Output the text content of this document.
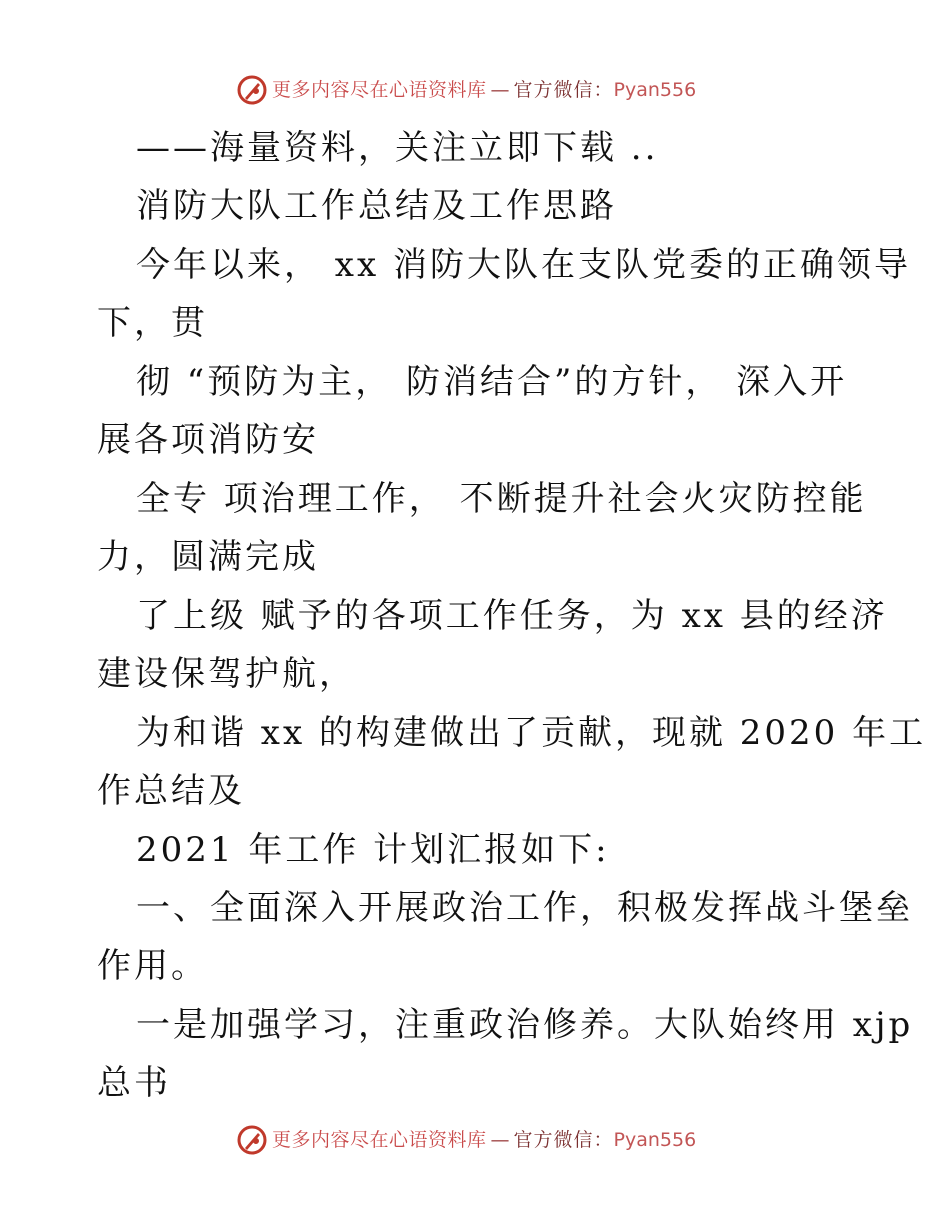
更多内容尽在心语资料库 — 官方微信： Pyan556
——海量资料，关注立即下载 ..
消防大队工作总结及工作思路
今年以来， xx 消防大队在支队党委的正确领导
下，贯
彻 “预防为主， 防消结合”的方针， 深入开
展各项消防安
全专 项治理工作， 不断提升社会火灾防控能
力，圆满完成
了上级 赋予的各项工作任务，为 xx 县的经济
建设保驾护航，
为和谐 xx 的构建做出了贡献，现就 2020 年工
作总结及
2021 年工作 计划汇报如下:
一、全面深入开展政治工作，积极发挥战斗堡垒
作用。
一是加强学习，注重政治修养。大队始终用 xjp
总书
更多内容尽在心语资料库 — 官方微信： Pyan556
